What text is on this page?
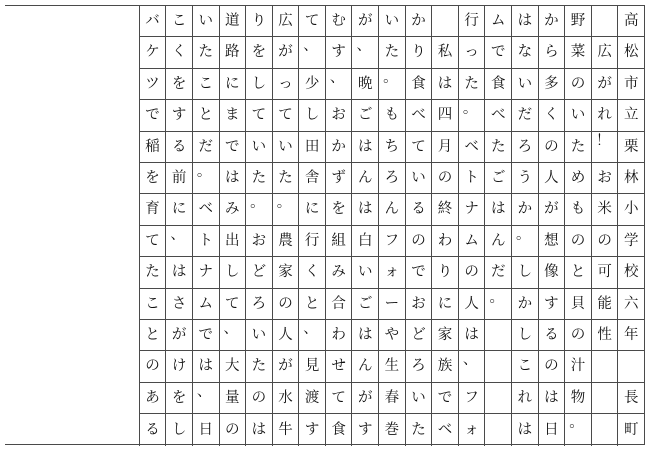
高
松
市
立
栗
林
小
学
校
六
年
長
町
広
が
れ
！
お
米
の
可
能
性
野
菜
の
い
た
め
も
の
と
貝
の
汁
物
。
か
ら
多
く
の
人
が
想
像
す
る
の
は
日
は
な
い
だ
ろ
う
か
。
し
か
し
こ
れ
は
ム
で
食
べ
た
ご
は
ん
だ
。
行
っ
た
。
ベ
ト
ナ
ム
の
人
は
、
フ
ォ
私
は
四
月
の
終
わ
り
に
家
族
で
ベ
か
り
食
べ
て
い
る
の
で
お
ど
ろ
い
た
い
た
。
も
ち
ろ
ん
フ
ォ
ー
や
生
春
巻
が
、
晩
ご
は
ん
は
白
い
ご
は
ん
が
す
む
す
、
お
か
ず
を
組
み
合
わ
せ
て
食
て
、
少
し
田
舎
に
行
く
と
、
見
渡
す
広
が
っ
て
い
た
。
農
家
の
人
が
水
牛
り
を
し
て
い
た
。
お
ど
ろ
い
た
の
は
道
路
に
ま
で
は
み
出
し
て
、
大
量
の
い
た
こ
と
だ
。
ベ
ト
ナ
ム
で
は
、
日
こ
く
を
す
る
前
に
、
は
さ
が
け
を
し
バ
ケ
ツ
で
稲
を
育
て
た
こ
と
の
あ
る
